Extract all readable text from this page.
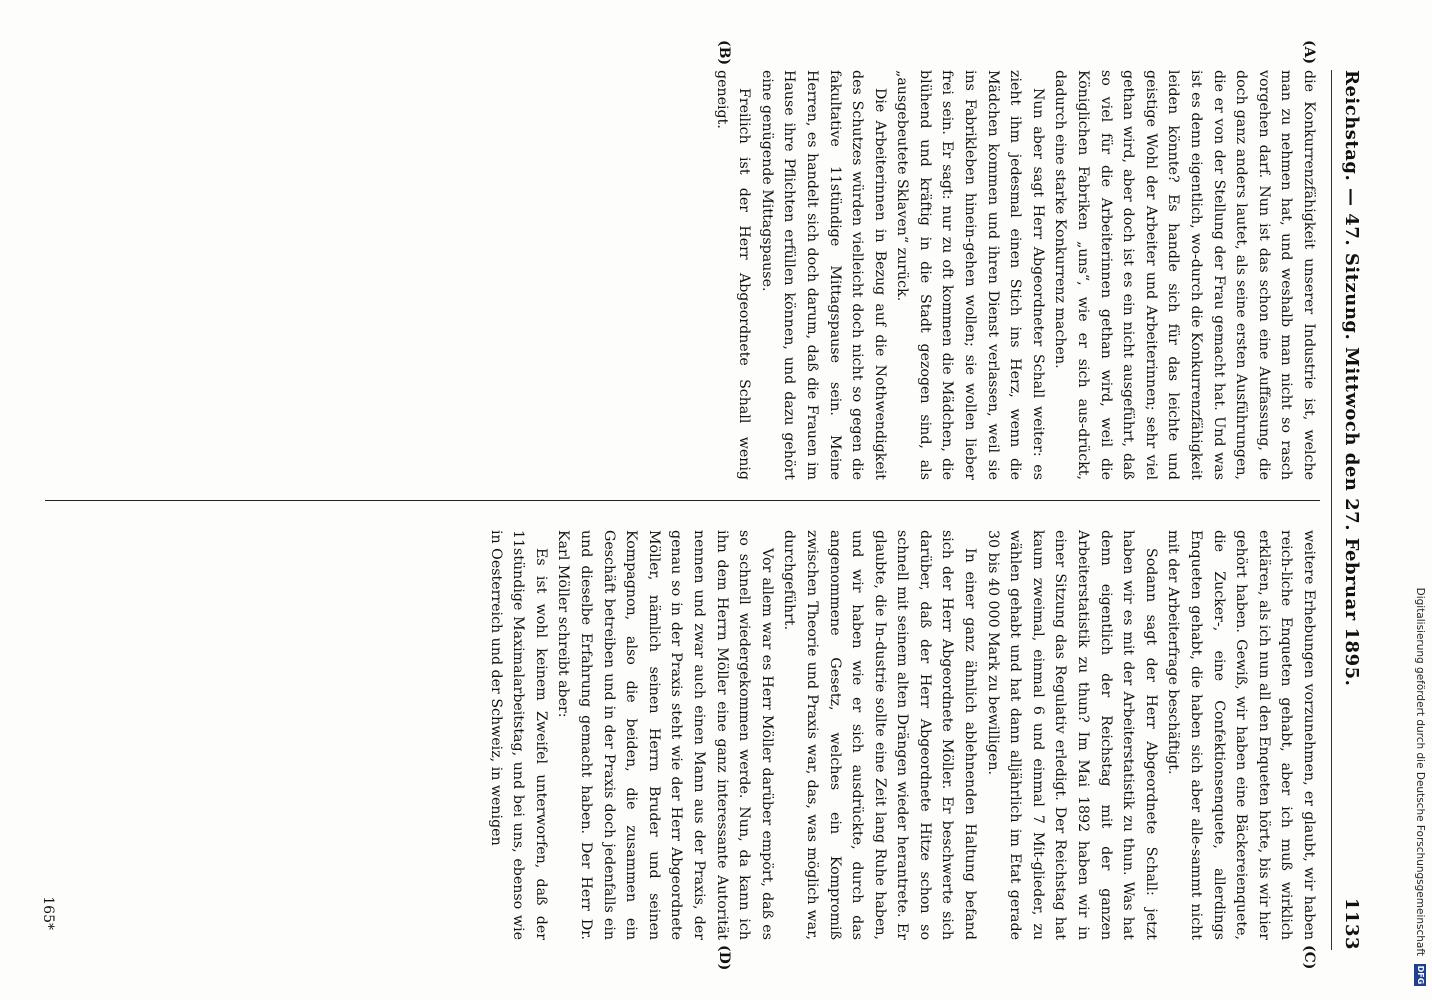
Digitalisierung gefördert durch die Deutsche Forschungsgemeinschaft
DFG
Reichstag. — 47. Sitzung. Mittwoch den 27. Februar 1895.
1133
(A)
(B)
(C)
(D)

die Konkurrenzfähigkeit unserer Industrie ist, welche man zu nehmen hat, und weshalb man nicht so rasch vorgehen darf. Nun ist das schon eine Auffassung, die doch ganz anders lautet, als seine ersten Ausführungen, die er von der Stellung der Frau gemacht hat. Und was ist es denn eigentlich, wo-durch die Konkurrenzfähigkeit leiden könnte? Es handle sich für das leichte und geistige Wohl der Arbeiter und Arbeiterinnen; sehr viel gethan wird, aber doch ist es ein nicht ausgeführt, daß so viel für die Arbeiterinnen gethan wird, weil die Königlichen Fabriken „uns“, wie er sich aus-drückt, dadurch eine starke Konkurrenz machen.

Nun aber sagt Herr Abgeordneter Schall weiter: es zieht ihm jedesmal einen Stich ins Herz, wenn die Mädchen kommen und ihren Dienst verlassen, weil sie ins Fabrikleben hinein-gehen wollen; sie wollen lieber frei sein. Er sagt: nur zu oft kommen die Mädchen, die blühend und kräftig in die Stadt gezogen sind, als „ausgebeutete Sklaven“ zurück.

Die Arbeiterinnen in Bezug auf die Nothwendigkeit des Schutzes würden vielleicht doch nicht so gegen die fakultative 11stündige Mittagspause sein. Meine Herren, es handelt sich doch darum, daß die Frauen im Hause ihre Pflichten erfüllen können, und dazu gehört eine genügende Mittagspause.

Freilich ist der Herr Abgeordnete Schall wenig geneigt.

weitere Erhebungen vorzunehmen, er glaubt, wir haben reich-liche Enqueten gehabt, aber ich muß wirklich erklären, als ich nun all den Enqueten hörte, bis wir hier gehört haben. Gewiß, wir haben eine Bäckereienquete, die Zucker-, eine Confektionsenquete, allerdings Enqueten gehabt, die haben sich aber alle-sammt nicht mit der Arbeiterfrage beschäftigt.

Sodann sagt der Herr Abgeordnete Schall: jetzt haben wir es mit der Arbeiterstatistik zu thun. Was hat denn eigentlich der Reichstag mit der ganzen Arbeiterstatistik zu thun? Im Mai 1892 haben wir in einer Sitzung das Regulativ erledigt. Der Reichstag hat kaum zweimal, einmal 6 und einmal 7 Mit-glieder, zu wählen gehabt und hat dann alljährlich im Etat gerade 30 bis 40 000 Mark zu bewilligen.

In einer ganz ähnlich ablehnenden Haltung befand sich der Herr Abgeordnete Möller. Er beschwerte sich darüber, daß der Herr Abgeordnete Hitze schon so schnell mit seinem alten Drängen wieder herantrete. Er glaubte, die In-dustrie sollte eine Zeit lang Ruhe haben, und wir haben wie er sich ausdrückte, durch das angenommene Gesetz, welches ein Kompromiß zwischen Theorie und Praxis war, das, was möglich war, durchgeführt.

Vor allem war es Herr Möller darüber empört, daß es so schnell wiedergekommen werde. Nun, da kann ich ihn dem Herrn Möller eine ganz interessante Autorität nennen und zwar auch einen Mann aus der Praxis, der genau so in der Praxis steht wie der Herr Abgeordnete Möller, nämlich seinen Herrn Bruder und seinen Kompagnon, also die beiden, die zusammen ein Geschäft betreiben und in der Praxis doch jedenfalls ein und dieselbe Erfahrung gemacht haben. Der Herr Dr. Karl Möller schreibt aber:

Es ist wohl keinem Zweifel unterworfen, daß der 11stündige Maximalarbeitstag, und bei uns, ebenso wie in Oesterreich und der Schweiz, in wenigen

165*
